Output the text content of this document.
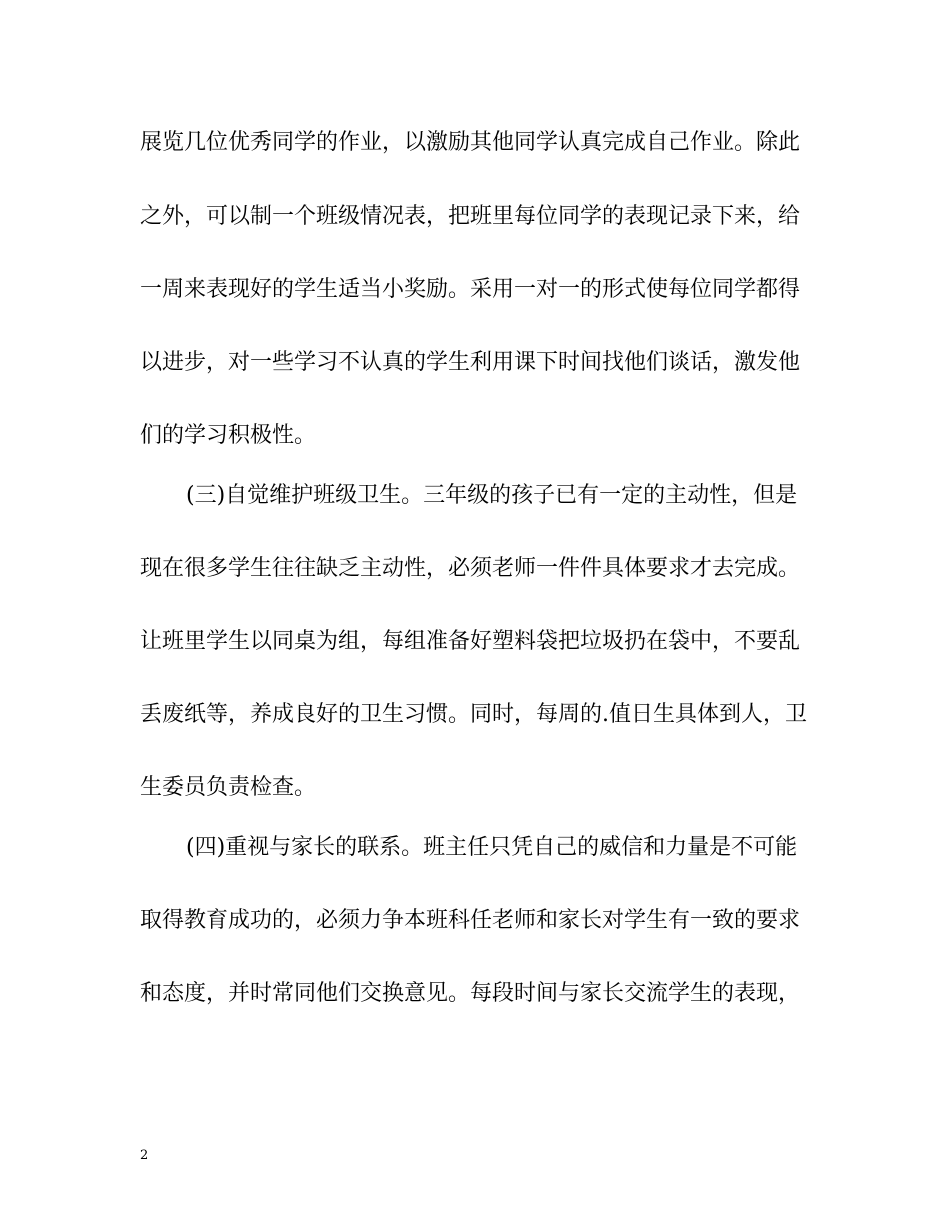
展览几位优秀同学的作业，以激励其他同学认真完成自己作业。除此
之外，可以制一个班级情况表，把班里每位同学的表现记录下来，给
一周来表现好的学生适当小奖励。采用一对一的形式使每位同学都得
以进步，对一些学习不认真的学生利用课下时间找他们谈话，激发他
们的学习积极性。
(三)自觉维护班级卫生。三年级的孩子已有一定的主动性，但是
现在很多学生往往缺乏主动性，必须老师一件件具体要求才去完成。
让班里学生以同桌为组，每组准备好塑料袋把垃圾扔在袋中，不要乱
丢废纸等，养成良好的卫生习惯。同时，每周的.值日生具体到人，卫
生委员负责检查。
(四)重视与家长的联系。班主任只凭自己的威信和力量是不可能
取得教育成功的，必须力争本班科任老师和家长对学生有一致的要求
和态度，并时常同他们交换意见。每段时间与家长交流学生的表现，
2
